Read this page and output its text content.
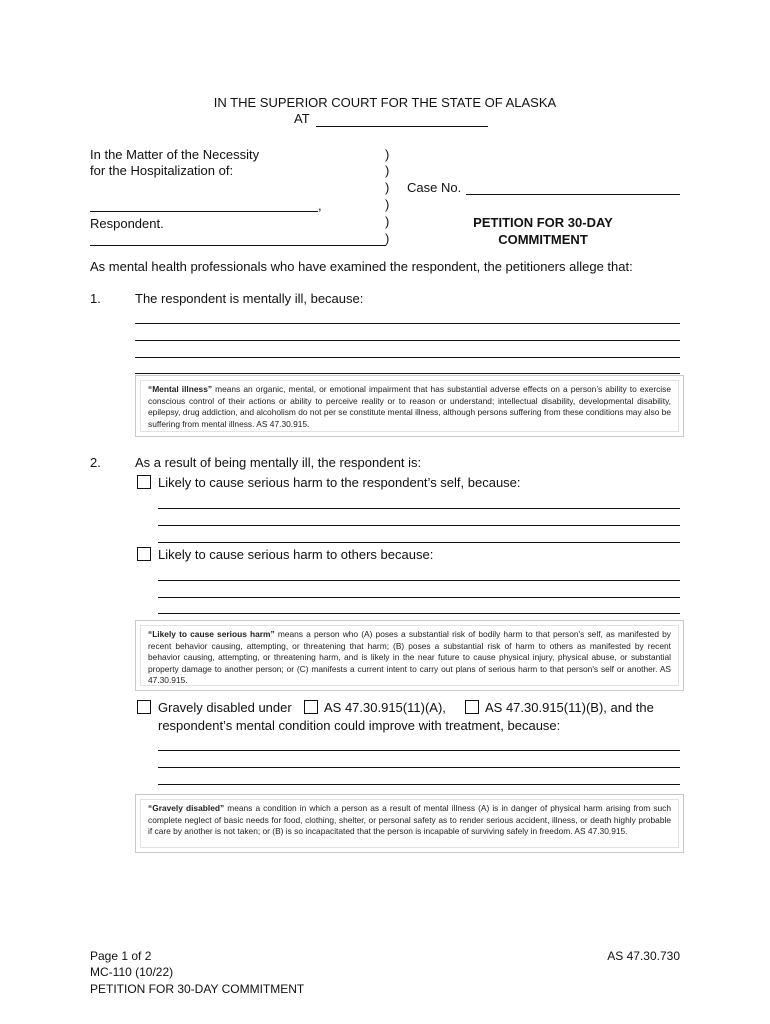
IN THE SUPERIOR COURT FOR THE STATE OF ALASKA
AT
In the Matter of the Necessity
for the Hospitalization of:
,
Respondent.
)
)
)
)
)
)
Case No.
PETITION FOR 30-DAY
COMMITMENT
As mental health professionals who have examined the respondent, the petitioners allege that:
1.	The respondent is mentally ill, because:
“Mental illness” means an organic, mental, or emotional impairment that has substantial adverse effects on a person’s ability to exercise conscious control of their actions or ability to perceive reality or to reason or understand; intellectual disability, developmental disability, epilepsy, drug addiction, and alcoholism do not per se constitute mental illness, although persons suffering from these conditions may also be suffering from mental illness. AS 47.30.915.
2.	As a result of being mentally ill, the respondent is:
Likely to cause serious harm to the respondent’s self, because:
Likely to cause serious harm to others because:
“Likely to cause serious harm” means a person who (A) poses a substantial risk of bodily harm to that person's self, as manifested by recent behavior causing, attempting, or threatening that harm; (B) poses a substantial risk of harm to others as manifested by recent behavior causing, attempting, or threatening harm, and is likely in the near future to cause physical injury, physical abuse, or substantial property damage to another person; or (C) manifests a current intent to carry out plans of serious harm to that person's self or another. AS 47.30.915.
Gravely disabled under AS 47.30.915(11)(A),	AS 47.30.915(11)(B), and the
respondent’s mental condition could improve with treatment, because:
“Gravely disabled” means a condition in which a person as a result of mental illness (A) is in danger of physical harm arising from such complete neglect of basic needs for food, clothing, shelter, or personal safety as to render serious accident, illness, or death highly probable if care by another is not taken; or (B) is so incapacitated that the person is incapable of surviving safely in freedom. AS 47.30.915.
Page 1 of 2
MC-110 (10/22)
PETITION FOR 30-DAY COMMITMENT
AS 47.30.730
